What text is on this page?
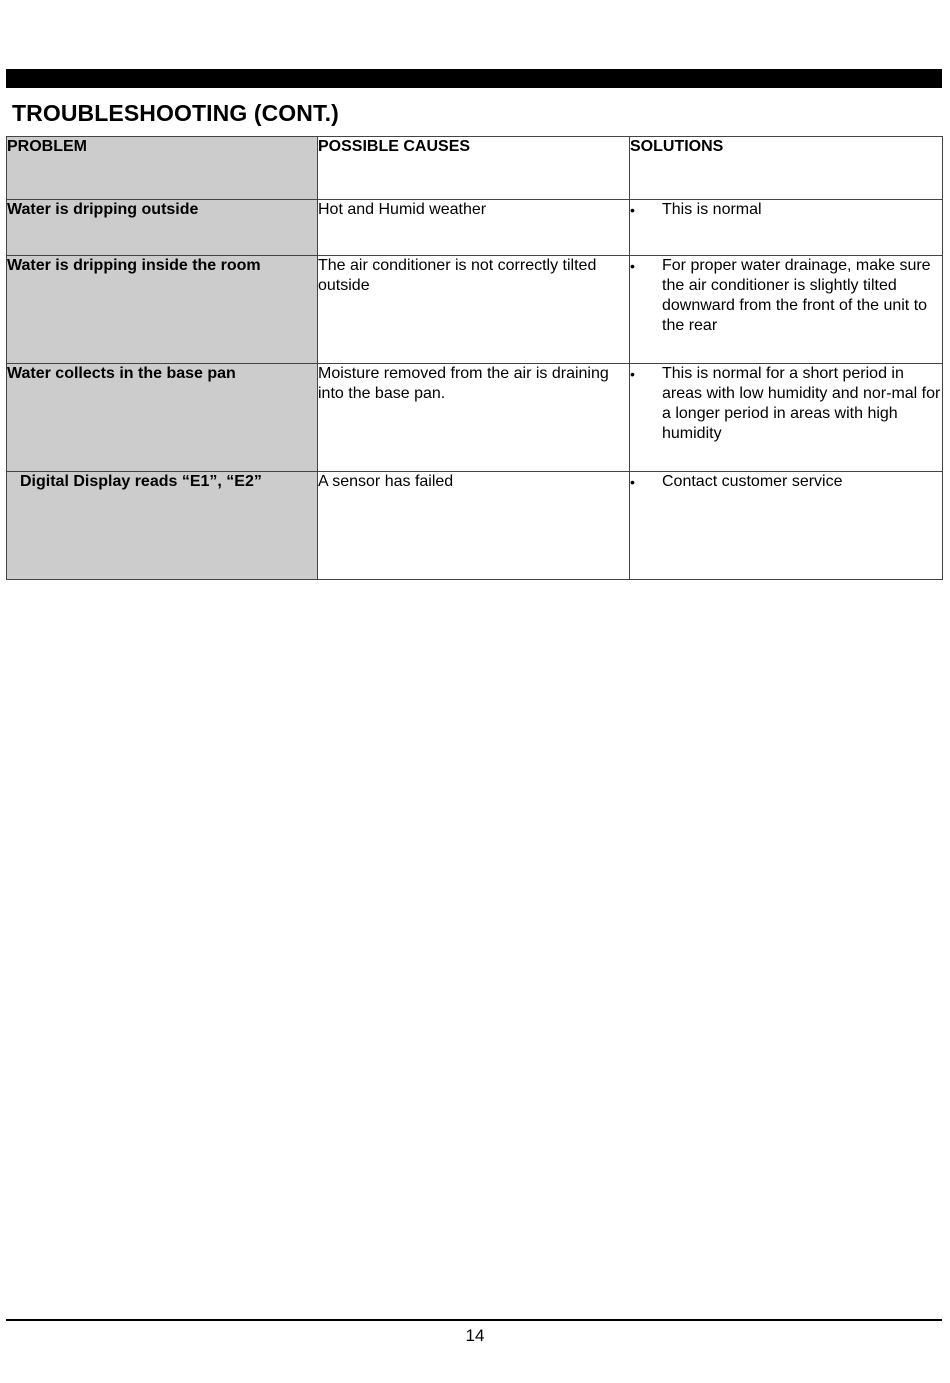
TROUBLESHOOTING (CONT.)
PROBLEM	POSSIBLE CAUSES	SOLUTIONS
Water is dripping outside	Hot and Humid weather	• This is normal

Water is dripping inside the room	The air conditioner is not correctly tilted outside	• For proper water drainage, make sure the air conditioner is slightly tilted downward from the front of the unit to the rear

Water collects in the base pan	Moisture removed from the air is draining into the base pan.	• This is normal for a short period in areas with low humidity and nor-mal for a longer period in areas with high humidity

Digital Display reads “E1”, “E2”	A sensor has failed	• Contact customer service
14
